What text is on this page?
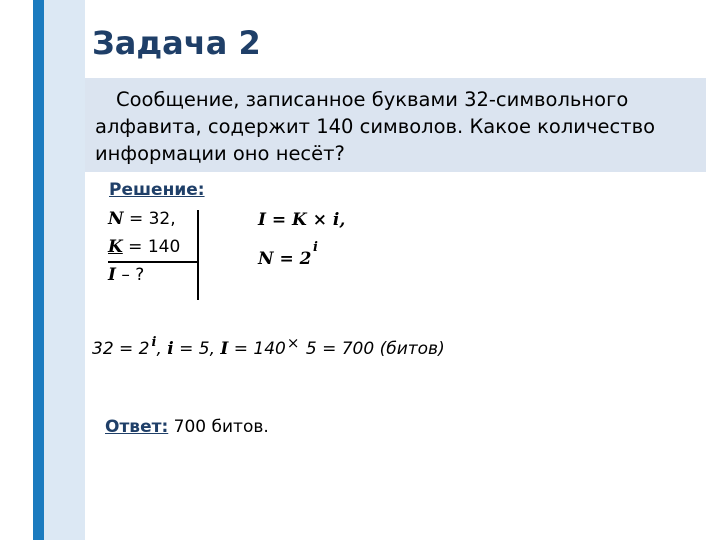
Задача 2
Сообщение, записанное буквами 32-символьного
алфавита, содержит 140 символов. Какое количество
информации оно несёт?
Решение:
N = 32,
K = 140
I – ?
I = K × i,
N = 2
i
32 = 2 $^i$, i = 5, I = 140× 5 = 700 (битов)
Ответ: 700 битов.
